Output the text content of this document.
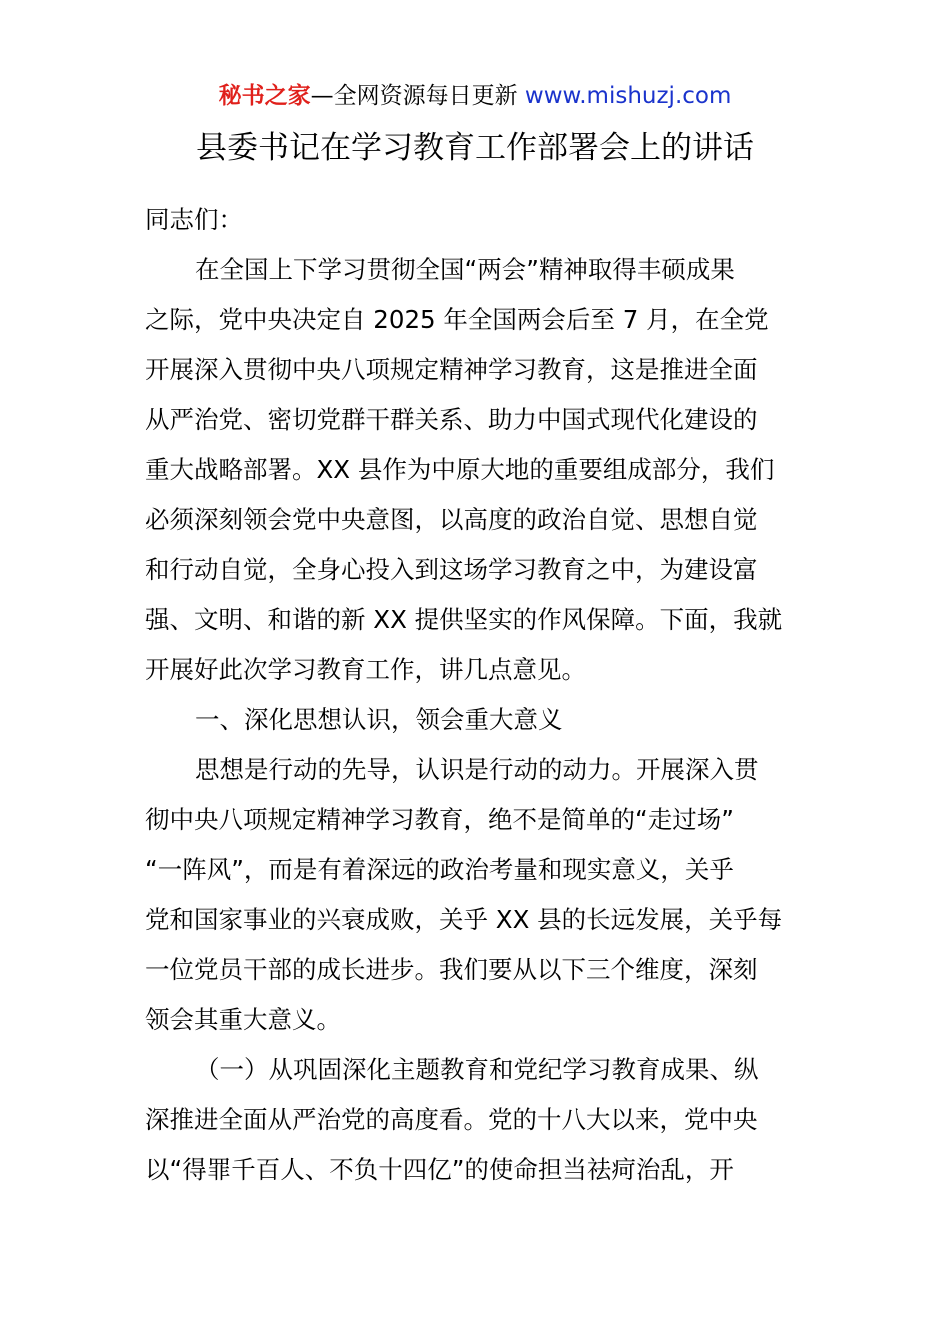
秘书之家—全网资源每日更新 www.mishuzj.com
县委书记在学习教育工作部署会上的讲话
同志们：
在全国上下学习贯彻全国“两会”精神取得丰硕成果
之际，党中央决定自 2025 年全国两会后至 7 月，在全党
开展深入贯彻中央八项规定精神学习教育，这是推进全面
从严治党、密切党群干群关系、助力中国式现代化建设的
重大战略部署。XX 县作为中原大地的重要组成部分，我们
必须深刻领会党中央意图，以高度的政治自觉、思想自觉
和行动自觉，全身心投入到这场学习教育之中，为建设富
强、文明、和谐的新 XX 提供坚实的作风保障。下面，我就
开展好此次学习教育工作，讲几点意见。
一、深化思想认识，领会重大意义
思想是行动的先导，认识是行动的动力。开展深入贯
彻中央八项规定精神学习教育，绝不是简单的“走过场”
“一阵风”，而是有着深远的政治考量和现实意义，关乎
党和国家事业的兴衰成败，关乎 XX 县的长远发展，关乎每
一位党员干部的成长进步。我们要从以下三个维度，深刻
领会其重大意义。
（一）从巩固深化主题教育和党纪学习教育成果、纵
深推进全面从严治党的高度看。党的十八大以来，党中央
以“得罪千百人、不负十四亿”的使命担当祛疴治乱，开
